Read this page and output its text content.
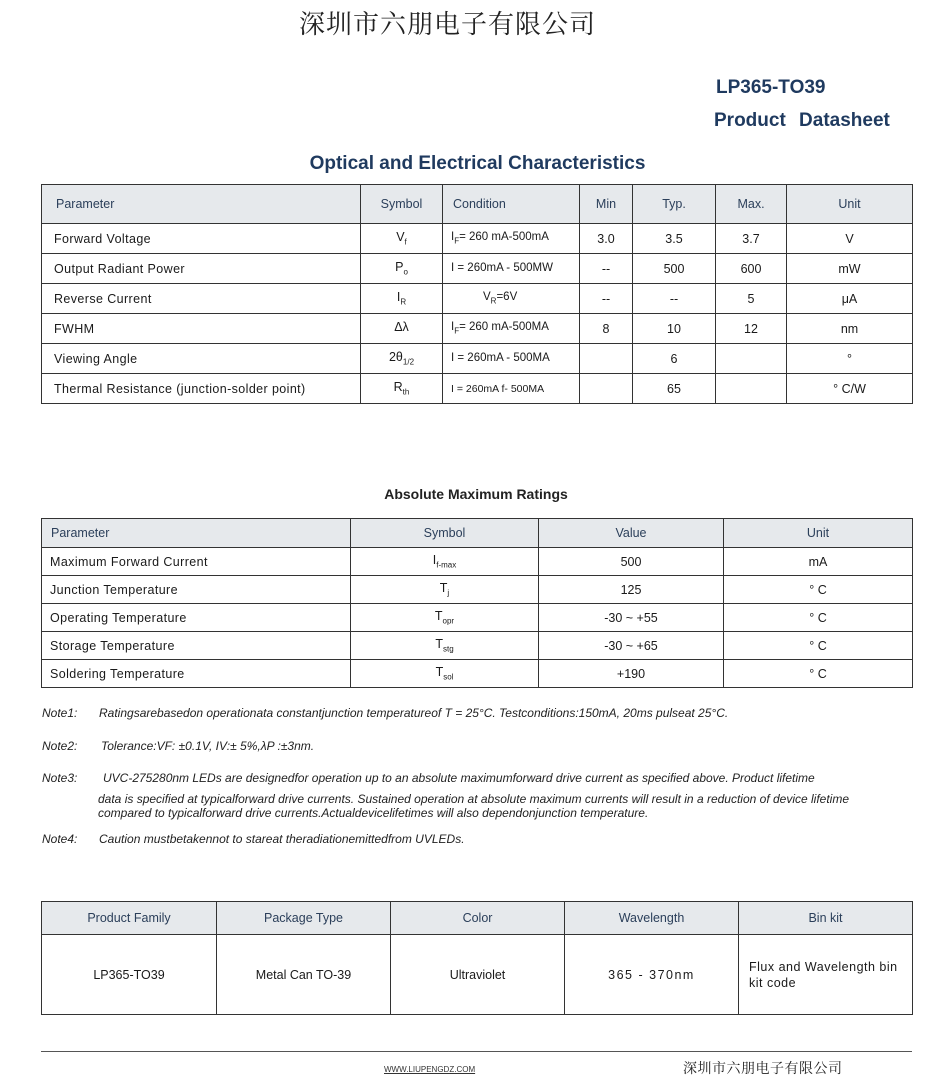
深圳市六朋电子有限公司
LP365-TO39
Product Datasheet
Optical and Electrical Characteristics
Parameter	Symbol	Condition	Min	Typ.	Max.	Unit
Forward Voltage	$V_f$	$I_F= 260$ mA-500mA	3.0	3.5	3.7	V
Output Radiant Power	$P_o$	I = 260mA - 500MW	--	500	600	mW
Reverse Current	$I_R$	$V_R=6V$	--	--	5	μA
FWHM	Δλ	$I_F= 260$ mA-500MA	8	10	12	nm
Viewing Angle	$2\theta_{1/2}$	I = 260mA - 500MA		6		°
Thermal Resistance (junction-solder point)	$R_{th}$	I = 260mA f- 500MA		65		° C/W
Absolute Maximum Ratings
Parameter	Symbol	Value	Unit
Maximum Forward Current	$I_{f-max}$	500	mA
Junction Temperature	$T_j$	125	° C
Operating Temperature	$T_{opr}$	-30 ~ +55	° C
Storage Temperature	$T_{stg}$	-30 ~ +65	° C
Soldering Temperature	$T_{sol}$	+190	° C
Note1: Ratingsarebasedon operationata constantjunction temperatureof T = 25°C. Testconditions:150mA, 20ms pulseat 25°C.
Note2: Tolerance:VF: ±0.1V, IV:± 5%,λP :±3nm.
Note3: UVC-275280nm LEDs are designedfor operation up to an absolute maximumforward drive current as specified above. Product lifetime
data is specified at typicalforward drive currents. Sustained operation at absolute maximum currents will result in a reduction of device lifetime
compared to typicalforward drive currents.Actualdevicelifetimes will also dependonjunction temperature.
Note4: Caution mustbetakennot to stareat theradiationemittedfrom UVLEDs.
Product Family	Package Type	Color	Wavelength	Bin kit
LP365-TO39	Metal Can TO-39	Ultraviolet	365 - 370nm	Flux and Wavelength bin kit code
WWW.LIUPENGDZ.COM	深圳市六朋电子有限公司
